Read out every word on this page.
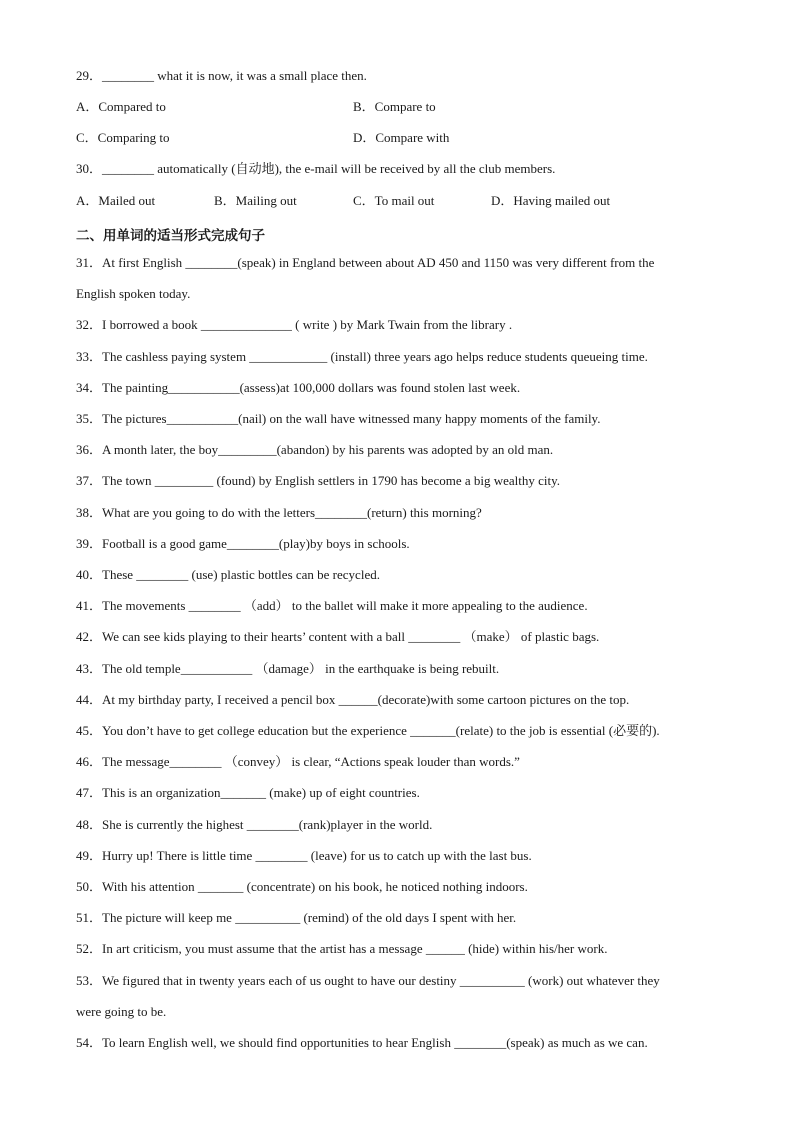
29．________ what it is now, it was a small place then.
A．Compared to	B．Compare to
C．Comparing to	D．Compare with
30．________ automatically (自动地), the e-mail will be received by all the club members.
A．Mailed out	B．Mailing out	C．To mail out	D．Having mailed out
二、用单词的适当形式完成句子
31．At first English ________(speak) in England between about AD 450 and 1150 was very different from the
English spoken today.
32．I borrowed a book ______________ ( write ) by Mark Twain from the library .
33．The cashless paying system ____________ (install) three years ago helps reduce students queueing time.
34．The painting___________(assess)at 100,000 dollars was found stolen last week.
35．The pictures___________(nail) on the wall have witnessed many happy moments of the family.
36．A month later, the boy_________(abandon) by his parents was adopted by an old man.
37．The town _________ (found) by English settlers in 1790 has become a big wealthy city.
38．What are you going to do with the letters________(return) this morning?
39．Football is a good game________(play)by boys in schools.
40．These ________ (use) plastic bottles can be recycled.
41．The movements ________ （add） to the ballet will make it more appealing to the audience.
42．We can see kids playing to their hearts’ content with a ball ________ （make） of plastic bags.
43．The old temple___________ （damage） in the earthquake is being rebuilt.
44．At my birthday party, I received a pencil box ______(decorate)with some cartoon pictures on the top.
45．You don’t have to get college education but the experience _______(relate) to the job is essential (必要的).
46．The message________ （convey） is clear, “Actions speak louder than words.”
47．This is an organization_______ (make) up of eight countries.
48．She is currently the highest ________(rank)player in the world.
49．Hurry up! There is little time ________ (leave) for us to catch up with the last bus.
50．With his attention _______ (concentrate) on his book, he noticed nothing indoors.
51．The picture will keep me __________ (remind) of the old days I spent with her.
52．In art criticism, you must assume that the artist has a message ______ (hide) within his/her work.
53．We figured that in twenty years each of us ought to have our destiny __________ (work) out whatever they
were going to be.
54．To learn English well, we should find opportunities to hear English ________(speak) as much as we can.
